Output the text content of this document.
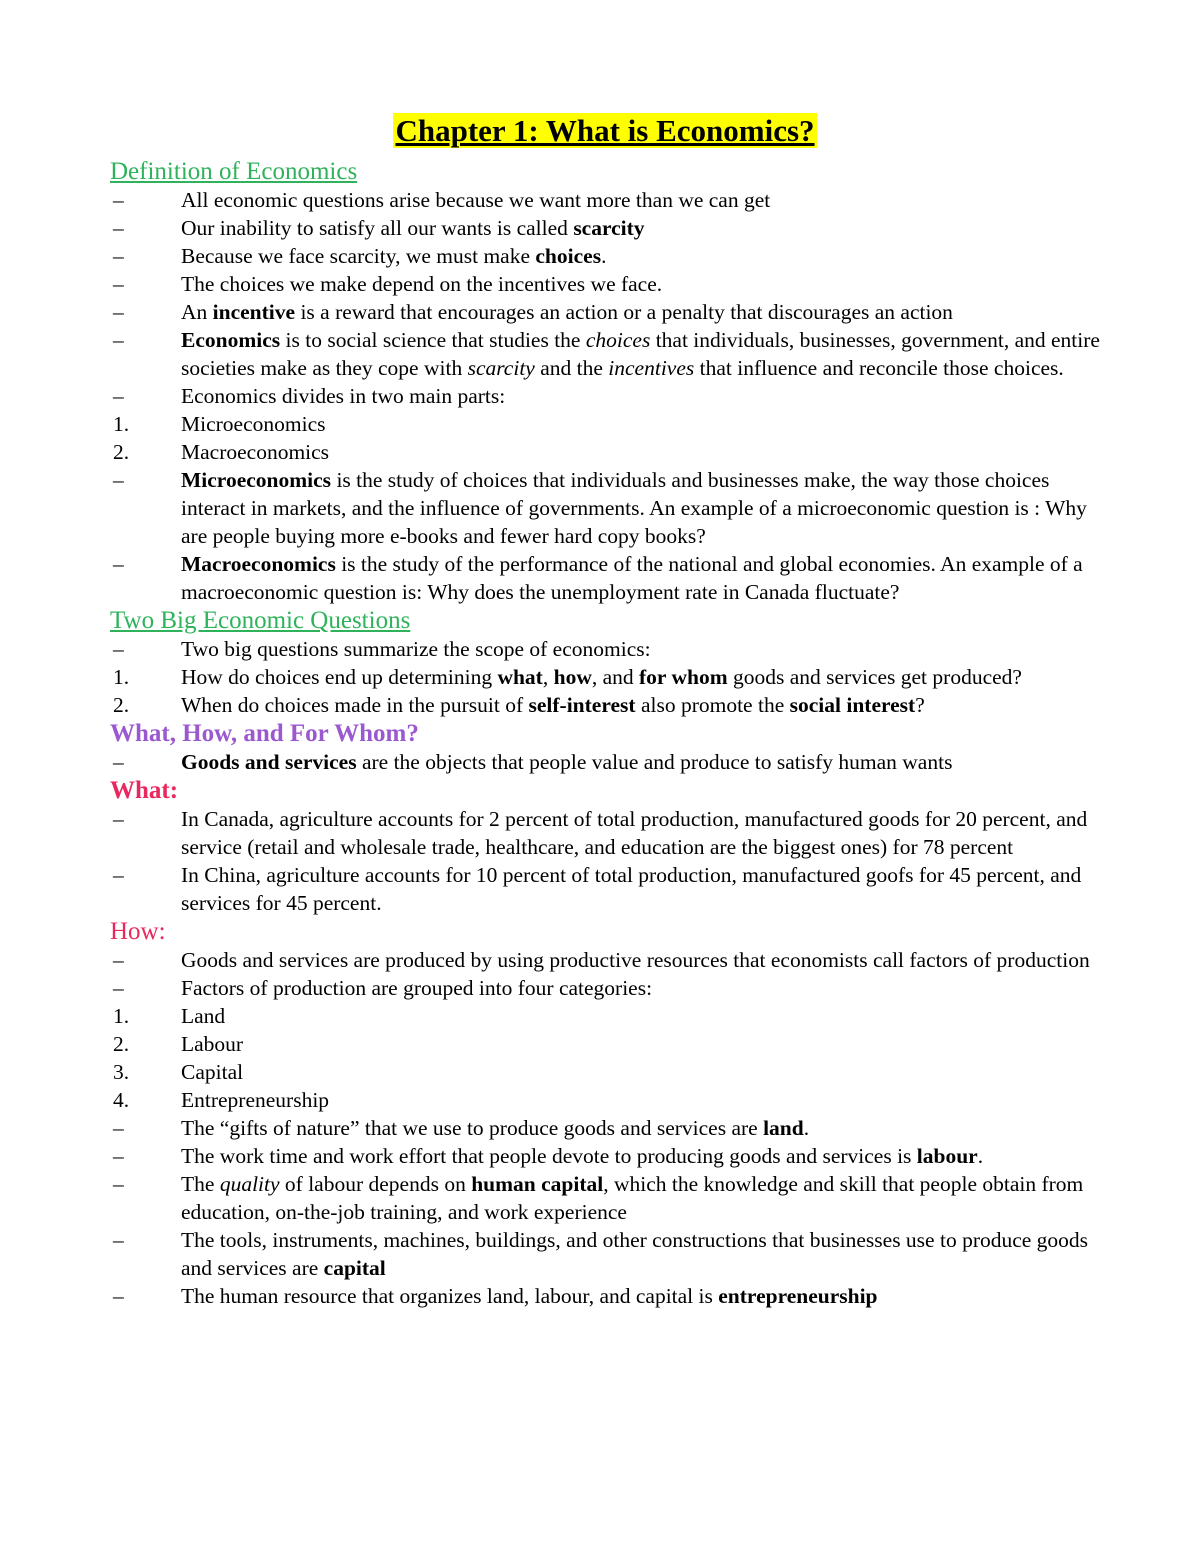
Chapter 1: What is Economics?
Definition of Economics
–	All economic questions arise because we want more than we can get
–	Our inability to satisfy all our wants is called scarcity
–	Because we face scarcity, we must make choices.
–	The choices we make depend on the incentives we face.
–	An incentive is a reward that encourages an action or a penalty that discourages an action
–	Economics is to social science that studies the choices that individuals, businesses, government, and entire societies make as they cope with scarcity and the incentives that influence and reconcile those choices.
–	Economics divides in two main parts:
1.	Microeconomics
2.	Macroeconomics
–	Microeconomics is the study of choices that individuals and businesses make, the way those choices interact in markets, and the influence of governments. An example of a microeconomic question is : Why are people buying more e-books and fewer hard copy books?
–	Macroeconomics is the study of the performance of the national and global economies. An example of a macroeconomic question is: Why does the unemployment rate in Canada fluctuate?
Two Big Economic Questions
–	Two big questions summarize the scope of economics:
1.	How do choices end up determining what, how, and for whom goods and services get produced?
2.	When do choices made in the pursuit of self-interest also promote the social interest?
What, How, and For Whom?
–	Goods and services are the objects that people value and produce to satisfy human wants
What:
–	In Canada, agriculture accounts for 2 percent of total production, manufactured goods for 20 percent, and service (retail and wholesale trade, healthcare, and education are the biggest ones) for 78 percent
–	In China, agriculture accounts for 10 percent of total production, manufactured goofs for 45 percent, and services for 45 percent.
How:
–	Goods and services are produced by using productive resources that economists call factors of production
–	Factors of production are grouped into four categories:
1.	Land
2.	Labour
3.	Capital
4.	Entrepreneurship
–	The “gifts of nature” that we use to produce goods and services are land.
–	The work time and work effort that people devote to producing goods and services is labour.
–	The quality of labour depends on human capital, which the knowledge and skill that people obtain from education, on-the-job training, and work experience
–	The tools, instruments, machines, buildings, and other constructions that businesses use to produce goods and services are capital
–	The human resource that organizes land, labour, and capital is entrepreneurship
